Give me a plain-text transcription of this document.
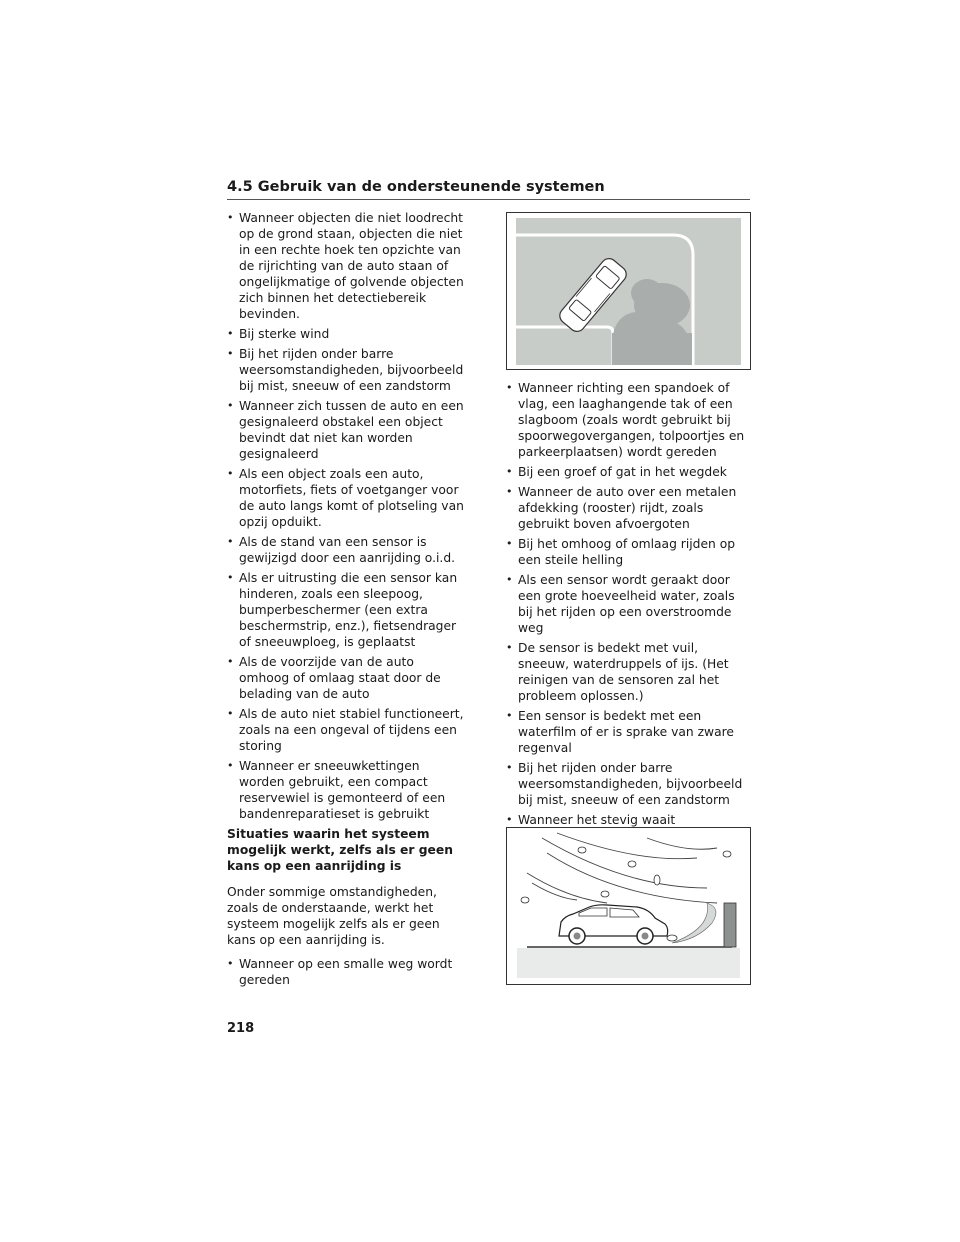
4.5 Gebruik van de ondersteunende systemen
• Wanneer objecten die niet loodrecht op de grond staan, objecten die niet in een rechte hoek ten opzichte van de rijrichting van de auto staan of ongelijkmatige of golvende objecten zich binnen het detectiebereik bevinden.
• Bij sterke wind
• Bij het rijden onder barre weersomstandigheden, bijvoorbeeld bij mist, sneeuw of een zandstorm
• Wanneer zich tussen de auto en een gesignaleerd obstakel een object bevindt dat niet kan worden gesignaleerd
• Als een object zoals een auto, motorfiets, fiets of voetganger voor de auto langs komt of plotseling van opzij opduikt.
• Als de stand van een sensor is gewijzigd door een aanrijding o.i.d.
• Als er uitrusting die een sensor kan hinderen, zoals een sleepoog, bumperbeschermer (een extra beschermstrip, enz.), fietsendrager of sneeuwploeg, is geplaatst
• Als de voorzijde van de auto omhoog of omlaag staat door de belading van de auto
• Als de auto niet stabiel functioneert, zoals na een ongeval of tijdens een storing
• Wanneer er sneeuwkettingen worden gebruikt, een compact reservewiel is gemonteerd of een bandenreparatieset is gebruikt
Situaties waarin het systeem mogelijk werkt, zelfs als er geen kans op een aanrijding is

Onder sommige omstandigheden, zoals de onderstaande, werkt het systeem mogelijk zelfs als er geen kans op een aanrijding is.

• Wanneer op een smalle weg wordt gereden
• Wanneer richting een spandoek of vlag, een laaghangende tak of een slagboom (zoals wordt gebruikt bij spoorwegovergangen, tolpoortjes en parkeerplaatsen) wordt gereden
• Bij een groef of gat in het wegdek
• Wanneer de auto over een metalen afdekking (rooster) rijdt, zoals gebruikt boven afvoergoten
• Bij het omhoog of omlaag rijden op een steile helling
• Als een sensor wordt geraakt door een grote hoeveelheid water, zoals bij het rijden op een overstroomde weg
• De sensor is bedekt met vuil, sneeuw, waterdruppels of ijs. (Het reinigen van de sensoren zal het probleem oplossen.)
• Een sensor is bedekt met een waterfilm of er is sprake van zware regenval
• Bij het rijden onder barre weersomstandigheden, bijvoorbeeld bij mist, sneeuw of een zandstorm
• Wanneer het stevig waait
218
